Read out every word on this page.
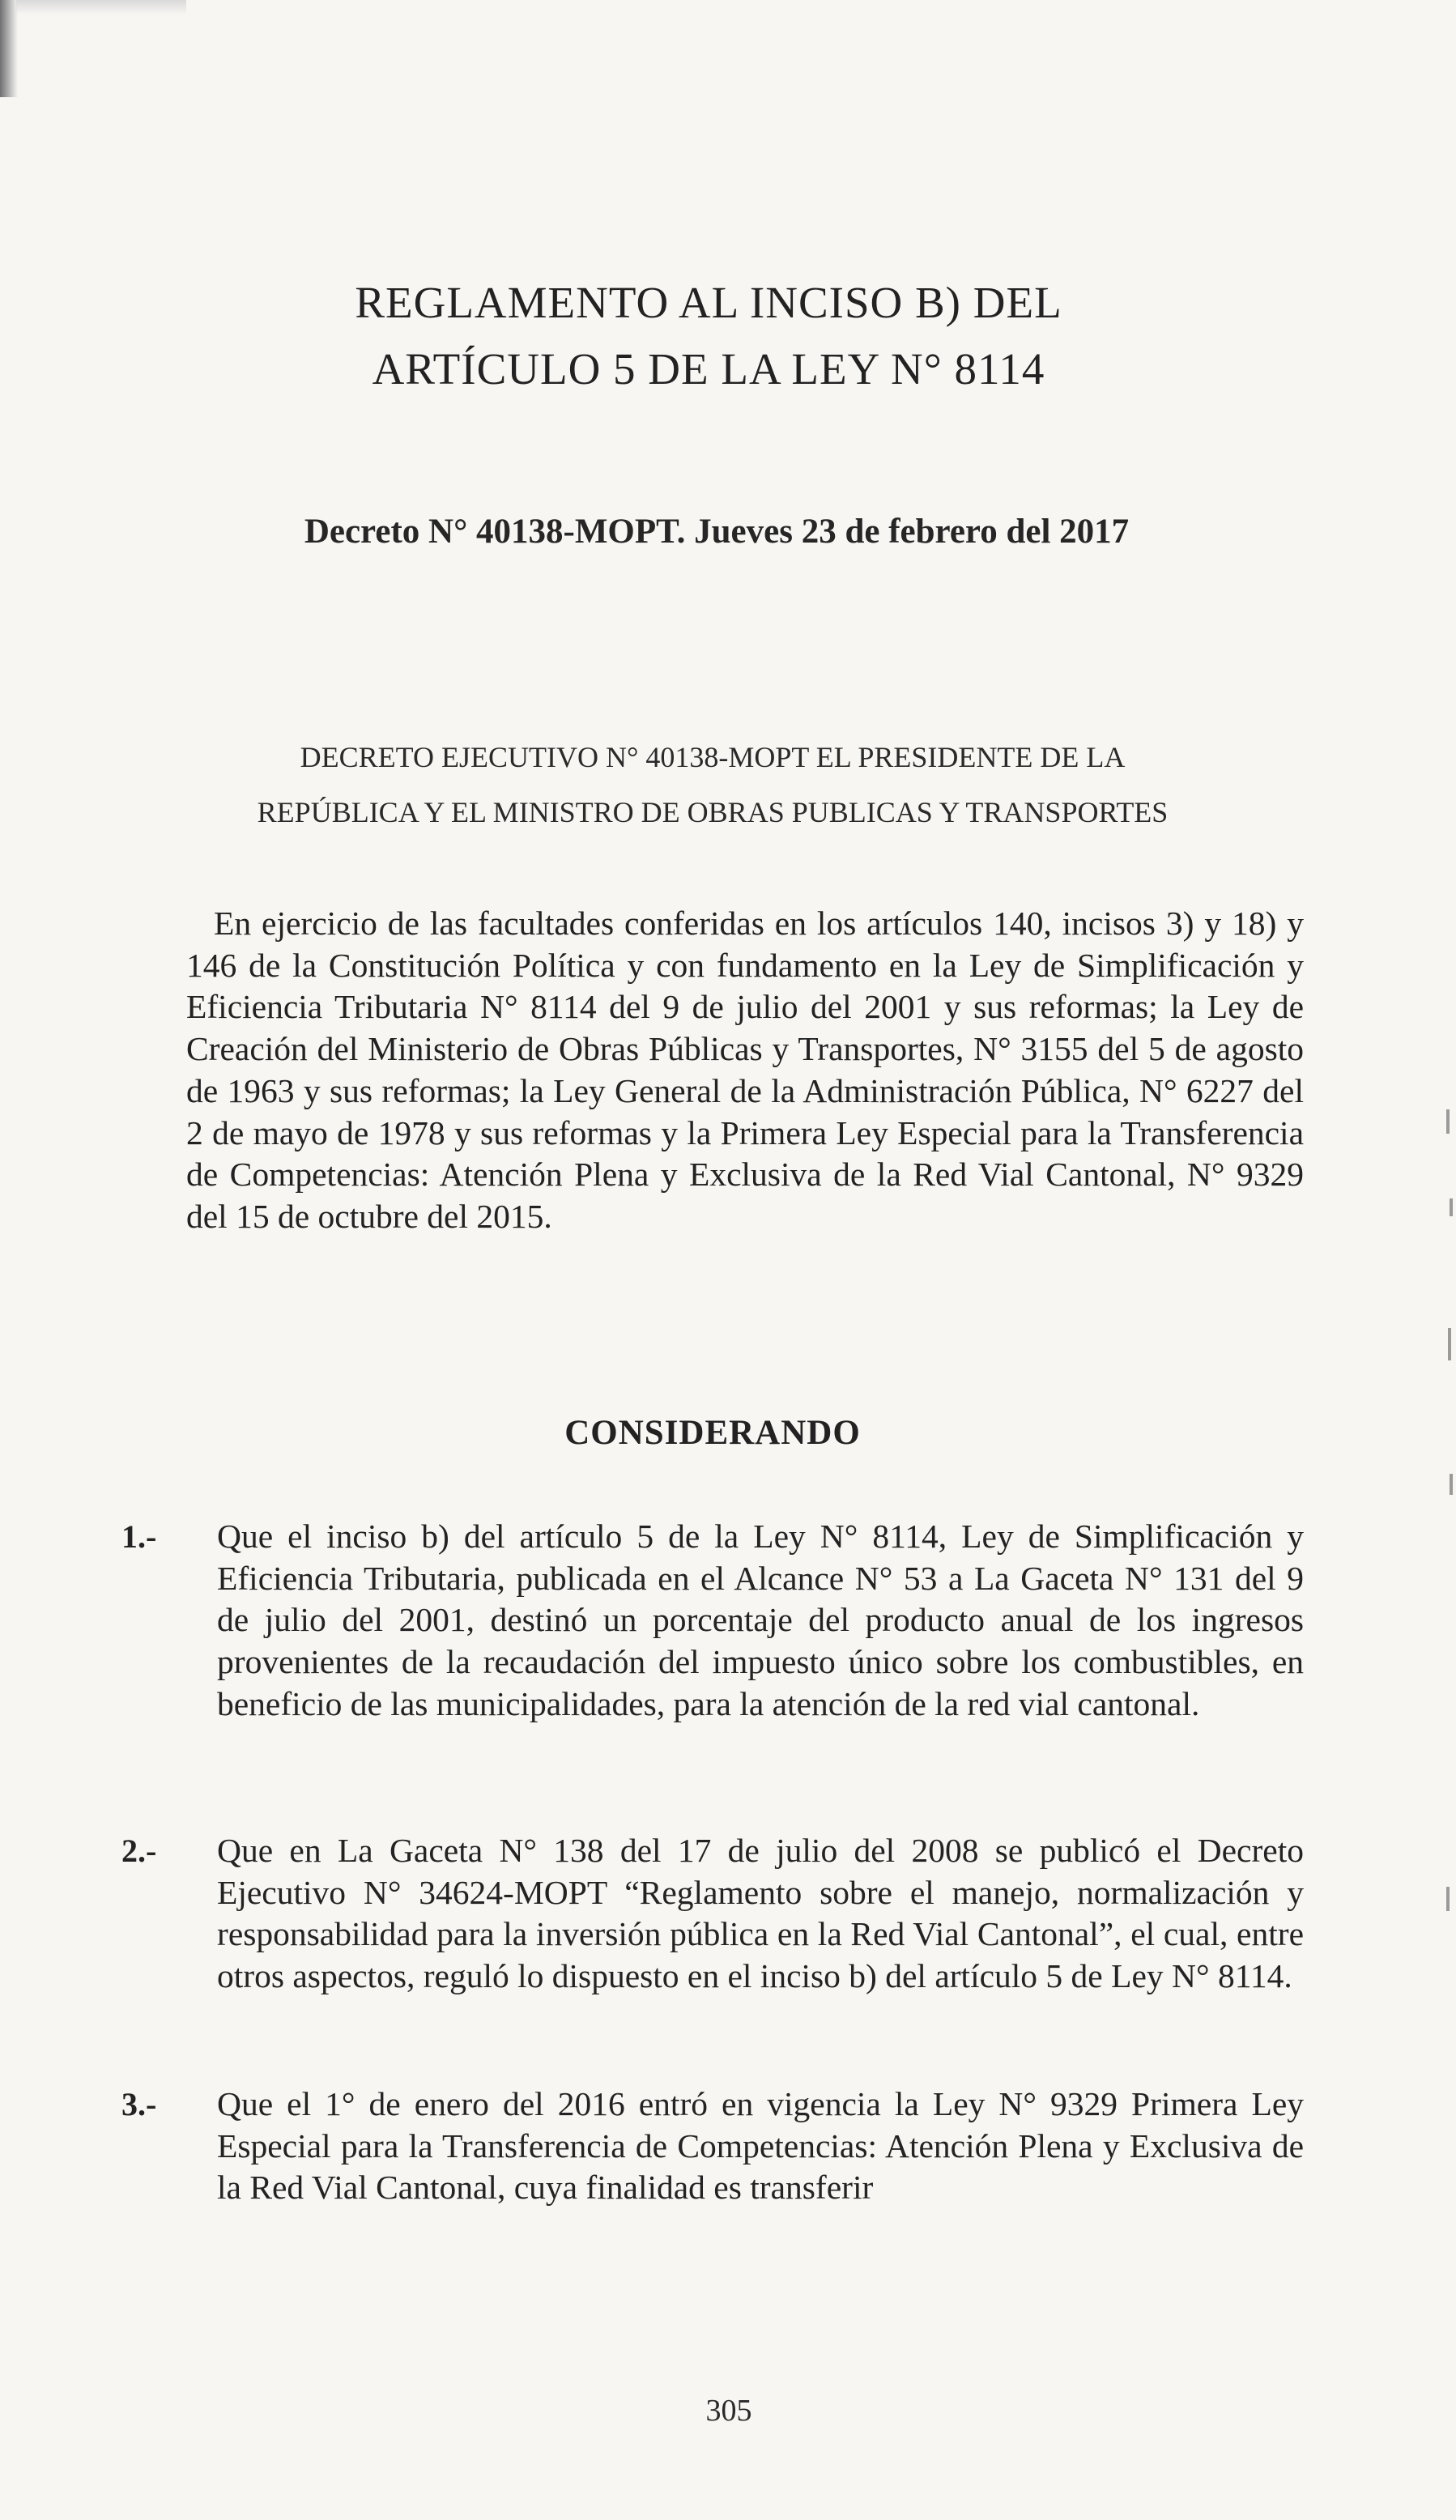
REGLAMENTO AL INCISO B) DEL
ARTÍCULO 5 DE LA LEY N° 8114

Decreto N° 40138-MOPT. Jueves 23 de febrero del 2017

DECRETO EJECUTIVO N° 40138-MOPT EL PRESIDENTE DE LA

REPÚBLICA Y EL MINISTRO DE OBRAS PUBLICAS Y TRANSPORTES

En ejercicio de las facultades conferidas en los artículos 140, incisos 3) y 18) y 146 de la Constitución Política y con fundamento en la Ley de Simplificación y Eficiencia Tributaria N° 8114 del 9 de julio del 2001 y sus reformas; la Ley de Creación del Ministerio de Obras Públicas y Transportes, N° 3155 del 5 de agosto de 1963 y sus reformas; la Ley General de la Administración Pública, N° 6227 del 2 de mayo de 1978 y sus reformas y la Primera Ley Especial para la Transferencia de Competencias: Atención Plena y Exclusiva de la Red Vial Cantonal, N° 9329 del 15 de octubre del 2015.

CONSIDERANDO
1.-	Que el inciso b) del artículo 5 de la Ley N° 8114, Ley de Simplificación y Eficiencia Tributaria, publicada en el Alcance N° 53 a La Gaceta N° 131 del 9 de julio del 2001, destinó un porcentaje del producto anual de los ingresos provenientes de la recaudación del impuesto único sobre los combustibles, en beneficio de las municipalidades, para la atención de la red vial cantonal.

2.-	Que en La Gaceta N° 138 del 17 de julio del 2008 se publicó el Decreto Ejecutivo N° 34624-MOPT “Reglamento sobre el manejo, normalización y responsabilidad para la inversión pública en la Red Vial Cantonal”, el cual, entre otros aspectos, reguló lo dispuesto en el inciso b) del artículo 5 de Ley N° 8114.

3.-	Que el 1° de enero del 2016 entró en vigencia la Ley N° 9329 Primera Ley Especial para la Transferencia de Competencias: Atención Plena y Exclusiva de la Red Vial Cantonal, cuya finalidad es transferir

305
